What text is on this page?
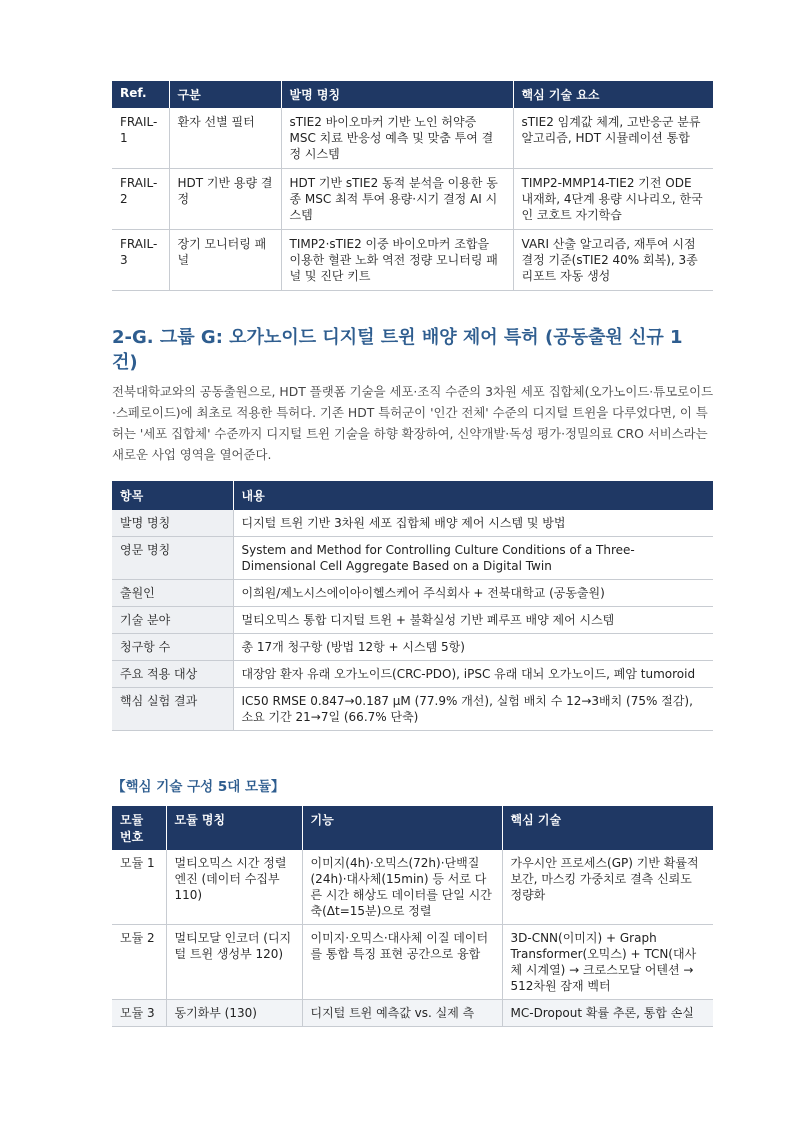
Ref.	구분	발명 명칭	핵심 기술 요소
FRAIL-1	환자 선별 필터	sTIE2 바이오마커 기반 노인 허약증 MSC 치료 반응성 예측 및 맞춤 투여 결정 시스템	sTIE2 임계값 체계, 고반응군 분류 알고리즘, HDT 시뮬레이션 통합
FRAIL-2	HDT 기반 용량 결정	HDT 기반 sTIE2 동적 분석을 이용한 동종 MSC 최적 투여 용량·시기 결정 AI 시스템	TIMP2-MMP14-TIE2 기전 ODE 내재화, 4단계 용량 시나리오, 한국인 코호트 자기학습
FRAIL-3	장기 모니터링 패널	TIMP2·sTIE2 이중 바이오마커 조합을 이용한 혈관 노화 역전 정량 모니터링 패널 및 진단 키트	VARI 산출 알고리즘, 재투여 시점 결정 기준(sTIE2 40% 회복), 3종 리포트 자동 생성
2-G. 그룹 G: 오가노이드 디지털 트윈 배양 제어 특허 (공동출원 신규 1 건)

전북대학교와의 공동출원으로, HDT 플랫폼 기술을 세포·조직 수준의 3차원 세포 집합체(오가노이드·튜모로이드·스페로이드)에 최초로 적용한 특허다. 기존 HDT 특허군이 '인간 전체' 수준의 디지털 트윈을 다루었다면, 이 특허는 '세포 집합체' 수준까지 디지털 트윈 기술을 하향 확장하여, 신약개발·독성 평가·정밀의료 CRO 서비스라는 새로운 사업 영역을 열어준다.

항목	내용
발명 명칭	디지털 트윈 기반 3차원 세포 집합체 배양 제어 시스템 및 방법
영문 명칭	System and Method for Controlling Culture Conditions of a Three-Dimensional Cell Aggregate Based on a Digital Twin
출원인	이희원/제노시스에이아이헬스케어 주식회사 + 전북대학교 (공동출원)
기술 분야	멀티오믹스 통합 디지털 트윈 + 불확실성 기반 폐루프 배양 제어 시스템
청구항 수	총 17개 청구항 (방법 12항 + 시스템 5항)
주요 적용 대상	대장암 환자 유래 오가노이드(CRC-PDO), iPSC 유래 대뇌 오가노이드, 폐암 tumoroid
핵심 실험 결과	IC50 RMSE 0.847→0.187 μM (77.9% 개선), 실험 배치 수 12→3배치 (75% 절감), 소요 기간 21→7일 (66.7% 단축)
【핵심 기술 구성 5대 모듈】
모듈 번호	모듈 명칭	기능	핵심 기술
모듈 1	멀티오믹스 시간 정렬 엔진 (데이터 수집부 110)	이미지(4h)·오믹스(72h)·단백질(24h)·대사체(15min) 등 서로 다른 시간 해상도 데이터를 단일 시간축(Δt=15분)으로 정렬	가우시안 프로세스(GP) 기반 확률적 보간, 마스킹 가중치로 결측 신뢰도 정량화
모듈 2	멀티모달 인코더 (디지털 트윈 생성부 120)	이미지·오믹스·대사체 이질 데이터를 통합 특징 표현 공간으로 융합	3D-CNN(이미지) + Graph Transformer(오믹스) + TCN(대사체 시계열) → 크로스모달 어텐션 → 512차원 잠재 벡터
모듈 3	동기화부 (130)	디지털 트윈 예측값 vs. 실제 측	MC-Dropout 확률 추론, 통합 손실
